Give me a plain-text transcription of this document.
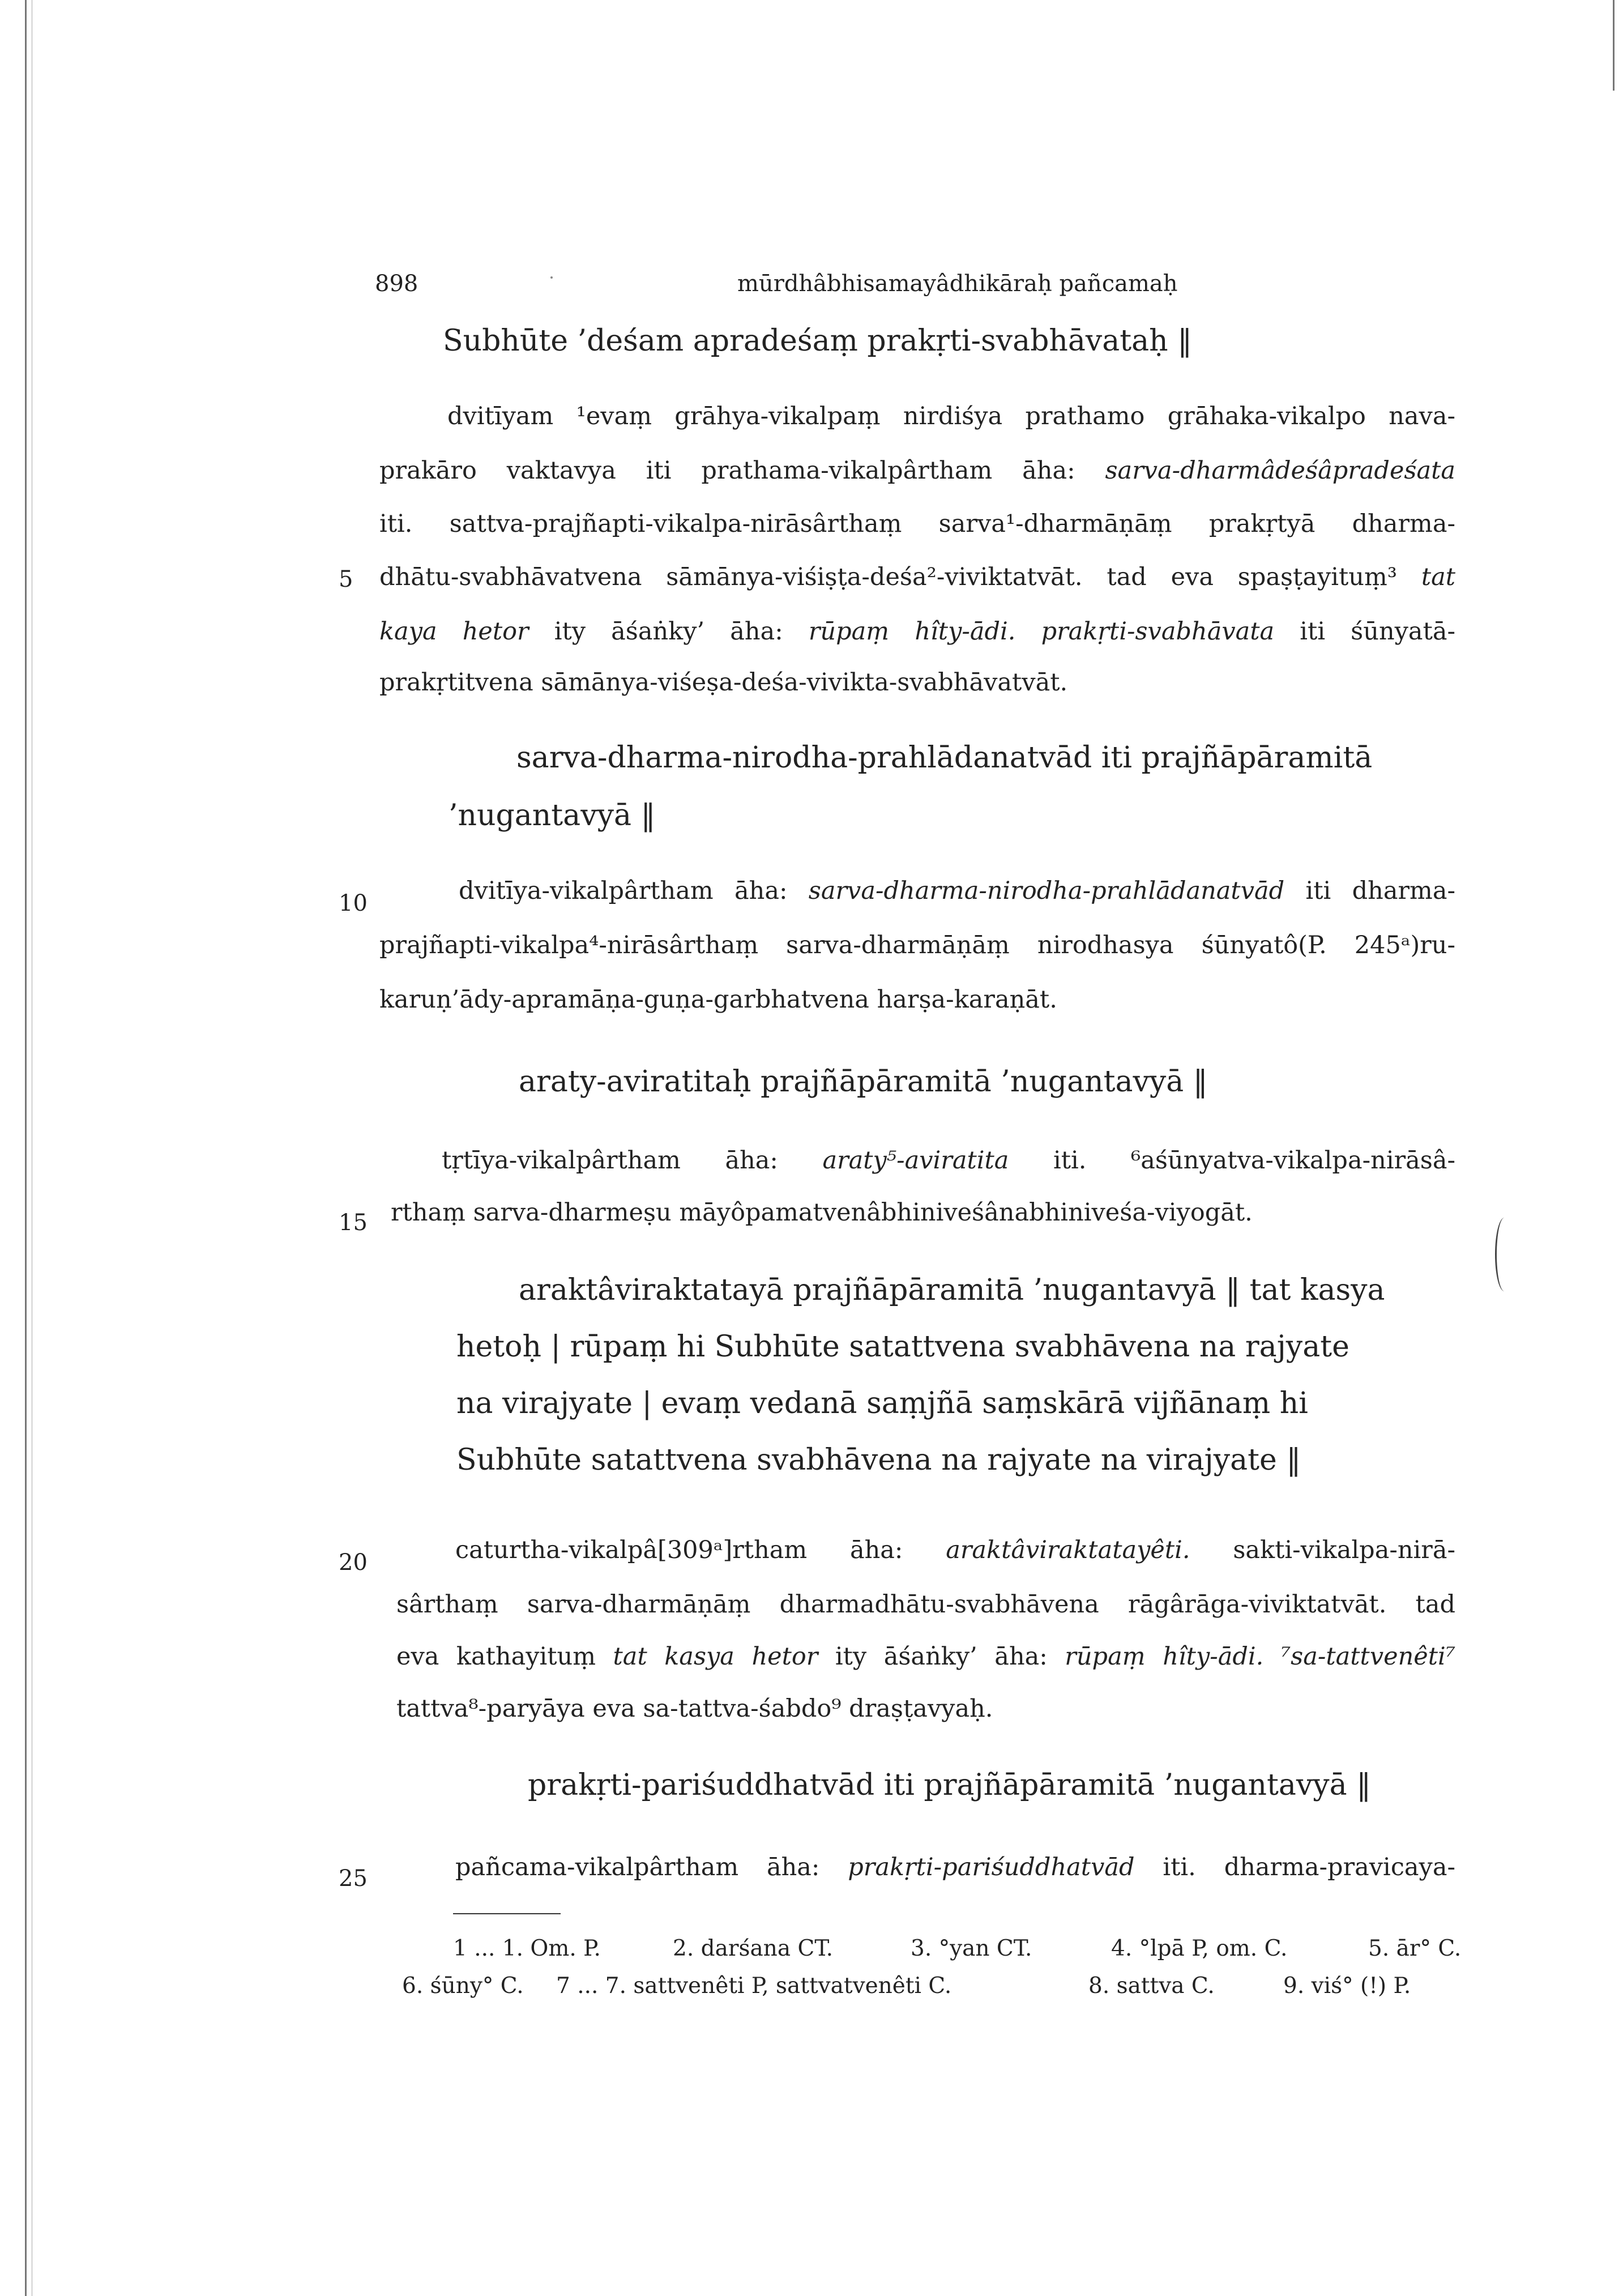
898	mūrdhâbhisamayâdhikāraḥ pañcamaḥ
Subhūte ’deśam apradeśaṃ prakṛti-svabhāvataḥ ‖
dvitīyam ¹evaṃ grāhya-vikalpaṃ nirdiśya prathamo grāhaka-vikalpo nava-
prakāro vaktavya iti prathama-vikalpârtham āha: sarva-dharmâdeśâpradeśata
iti. sattva-prajñapti-vikalpa-nirāsârthaṃ sarva¹-dharmāṇāṃ prakṛtyā dharma-
5 dhātu-svabhāvatvena sāmānya-viśiṣṭa-deśa²-viviktatvāt. tad eva spaṣṭayituṃ³ tat
kaya hetor ity āśaṅky’ āha: rūpaṃ hîty-ādi. prakṛti-svabhāvata iti śūnyatā-
prakṛtitvena sāmānya-viśeṣa-deśa-vivikta-svabhāvatvāt.
sarva-dharma-nirodha-prahlādanatvād iti prajñāpāramitā
’nugantavyā ‖
10	dvitīya-vikalpârtham āha: sarva-dharma-nirodha-prahlādanatvād iti dharma-
prajñapti-vikalpa⁴-nirāsârthaṃ sarva-dharmāṇāṃ nirodhasya śūnyatô(P. 245ᵃ)ru-
karuṇ’ādy-apramāṇa-guṇa-garbhatvena harṣa-karaṇāt.
araty-aviratitaḥ prajñāpāramitā ’nugantavyā ‖
tṛtīya-vikalpârtham āha: araty⁵-aviratita iti. ⁶aśūnyatva-vikalpa-nirāsâ-
15 rthaṃ sarva-dharmeṣu māyôpamatvenâbhiniveśânabhiniveśa-viyogāt.
araktâviraktatayā prajñāpāramitā ’nugantavyā ‖ tat kasya
hetoḥ | rūpaṃ hi Subhūte satattvena svabhāvena na rajyate
na virajyate | evaṃ vedanā saṃjñā saṃskārā vijñānaṃ hi
Subhūte satattvena svabhāvena na rajyate na virajyate ‖
20	caturtha-vikalpâ[309ᵃ]rtham āha: araktâviraktatayêti. sakti-vikalpa-nirā-
sârthaṃ sarva-dharmāṇāṃ dharmadhātu-svabhāvena rāgârāga-viviktatvāt. tad
eva kathayituṃ tat kasya hetor ity āśaṅky’ āha: rūpaṃ hîty-ādi. ⁷sa-tattvenêti⁷
tattva⁸-paryāya eva sa-tattva-śabdo⁹ draṣṭavyaḥ.
prakṛti-pariśuddhatvād iti prajñāpāramitā ’nugantavyā ‖
25	pañcama-vikalpârtham āha: prakṛti-pariśuddhatvād iti. dharma-pravicaya-
1 ... 1. Om. P.	2. darśana CT.	3. °yan CT.	4. °lpā P, om. C.	5. ār° C.
6. śūny° C. 7 ... 7. sattvenêti P, sattvatvenêti C.	8. sattva C.	9. viś° (!) P.
